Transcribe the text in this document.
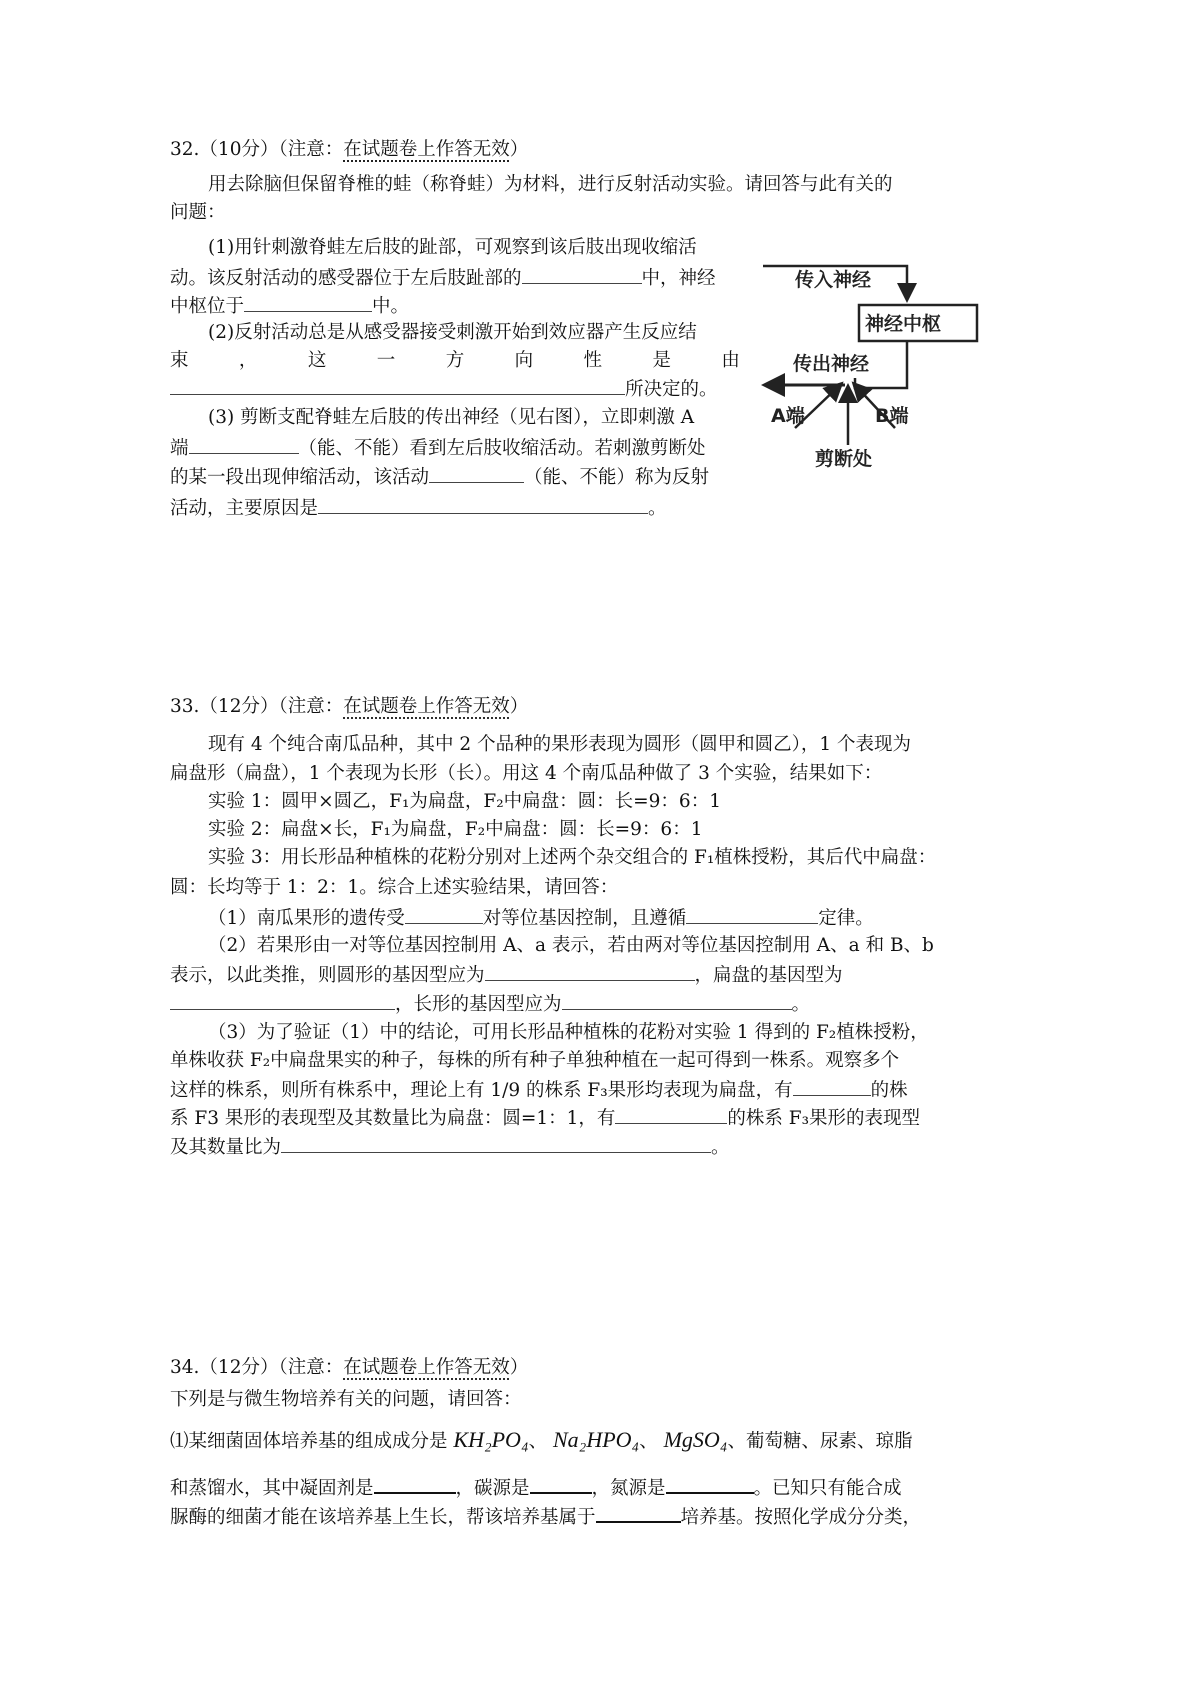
32.（10分）（注意：在试题卷上作答无效）
用去除脑但保留脊椎的蛙（称脊蛙）为材料，进行反射活动实验。请回答与此有关的
问题：
(1)用针刺激脊蛙左后肢的趾部，可观察到该后肢出现收缩活
动。该反射活动的感受器位于左后肢趾部的	中，神经
中枢位于	中。
(2)反射活动总是从感受器接受刺激开始到效应器产生反应结
束	，	这	一	方	向	性	是	由
所决定的。
(3) 剪断支配脊蛙左后肢的传出神经（见右图），立即刺激 A
端	（能、不能）看到左后肢收缩活动。若刺激剪断处
的某一段出现伸缩活动，该活动	（能、不能）称为反射
活动，主要原因是	。
传入神经
神经中枢
传出神经
A端	B端
剪断处
33.（12分）（注意：在试题卷上作答无效）
现有 4 个纯合南瓜品种，其中 2 个品种的果形表现为圆形（圆甲和圆乙），1 个表现为
扁盘形（扁盘），1 个表现为长形（长）。用这 4 个南瓜品种做了 3 个实验，结果如下：
实验 1：圆甲×圆乙，F₁为扁盘，F₂中扁盘：圆：长=9：6：1
实验 2：扁盘×长，F₁为扁盘，F₂中扁盘：圆：长=9：6：1
实验 3：用长形品种植株的花粉分别对上述两个杂交组合的 F₁植株授粉，其后代中扁盘：
圆：长均等于 1：2：1。综合上述实验结果，请回答：
（1）南瓜果形的遗传受	对等位基因控制，且遵循	定律。
（2）若果形由一对等位基因控制用 A、a 表示，若由两对等位基因控制用 A、a 和 B、b
表示，以此类推，则圆形的基因型应为	，扁盘的基因型为
，长形的基因型应为	。
（3）为了验证（1）中的结论，可用长形品种植株的花粉对实验 1 得到的 F₂植株授粉，
单株收获 F₂中扁盘果实的种子，每株的所有种子单独种植在一起可得到一株系。观察多个
这样的株系，则所有株系中，理论上有 1/9 的株系 F₃果形均表现为扁盘，有	的株
系 F3 果形的表现型及其数量比为扁盘：圆=1：1，有	的株系 F₃果形的表现型
及其数量比为	。
34.（12分）（注意：在试题卷上作答无效）
下列是与微生物培养有关的问题，请回答：
⑴某细菌固体培养基的组成成分是 KH₂PO₄、 Na₂HPO₄、 MgSO₄、葡萄糖、尿素、琼脂
和蒸馏水，其中凝固剂是	，碳源是	，氮源是	。已知只有能合成
脲酶的细菌才能在该培养基上生长，帮该培养基属于	培养基。按照化学成分分类，
